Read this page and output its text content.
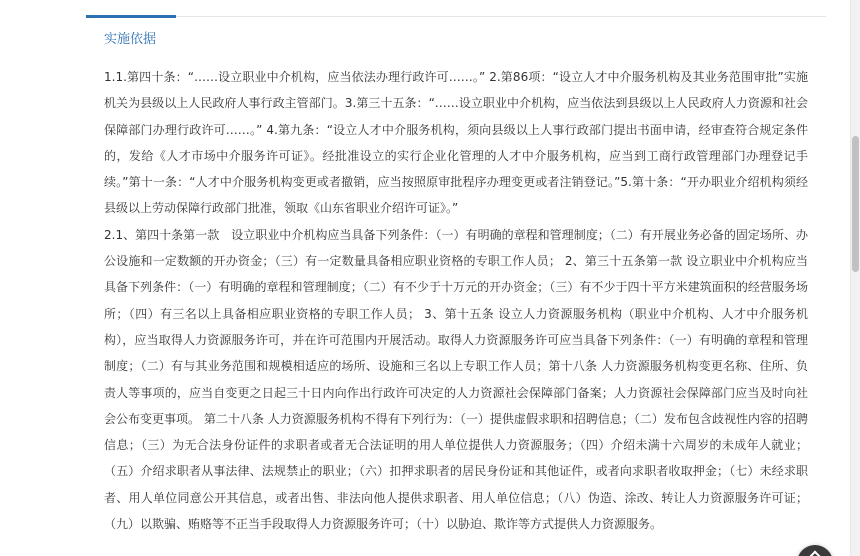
实施依据

1.1.第四十条：“……设立职业中介机构，应当依法办理行政许可……。” 2.第86项：“设立人才中介服务机构及其业务范围审批”实施机关为县级以上人民政府人事行政主管部门。3.第三十五条：“……设立职业中介机构，应当依法到县级以上人民政府人力资源和社会保障部门办理行政许可……。” 4.第九条：“设立人才中介服务机构，须向县级以上人事行政部门提出书面申请，经审查符合规定条件的，发给《人才市场中介服务许可证》。经批准设立的实行企业化管理的人才中介服务机构，应当到工商行政管理部门办理登记手续。”第十一条：“人才中介服务机构变更或者撤销，应当按照原审批程序办理变更或者注销登记。”5.第十条：“开办职业介绍机构须经县级以上劳动保障行政部门批准，领取《山东省职业介绍许可证》。”

2.1、第四十条第一款　设立职业中介机构应当具备下列条件：（一）有明确的章程和管理制度；（二）有开展业务必备的固定场所、办公设施和一定数额的开办资金；（三）有一定数量具备相应职业资格的专职工作人员； 2、第三十五条第一款 设立职业中介机构应当具备下列条件：（一）有明确的章程和管理制度；（二）有不少于十万元的开办资金；（三）有不少于四十平方米建筑面积的经营服务场所；（四）有三名以上具备相应职业资格的专职工作人员； 3、第十五条 设立人力资源服务机构（职业中介机构、人才中介服务机构），应当取得人力资源服务许可，并在许可范围内开展活动。取得人力资源服务许可应当具备下列条件：（一）有明确的章程和管理制度；（二）有与其业务范围和规模相适应的场所、设施和三名以上专职工作人员；第十八条 人力资源服务机构变更名称、住所、负责人等事项的，应当自变更之日起三十日内向作出行政许可决定的人力资源社会保障部门备案；人力资源社会保障部门应当及时向社会公布变更事项。 第二十八条 人力资源服务机构不得有下列行为：（一）提供虚假求职和招聘信息；（二）发布包含歧视性内容的招聘信息；（三）为无合法身份证件的求职者或者无合法证明的用人单位提供人力资源服务；（四）介绍未满十六周岁的未成年人就业；（五）介绍求职者从事法律、法规禁止的职业；（六）扣押求职者的居民身份证和其他证件，或者向求职者收取押金；（七）未经求职者、用人单位同意公开其信息，或者出售、非法向他人提供求职者、用人单位信息；（八）伪造、涂改、转让人力资源服务许可证；（九）以欺骗、贿赂等不正当手段取得人力资源服务许可；（十）以胁迫、欺诈等方式提供人力资源服务。
